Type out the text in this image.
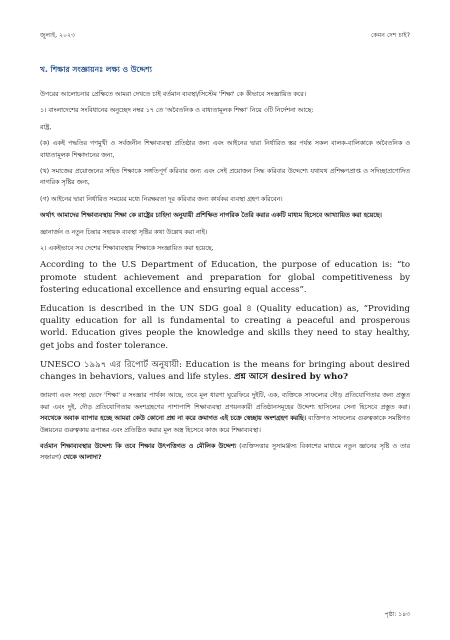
জুলাই, ২০২৩	কেমন দেশ চাই?
খ. শিক্ষার সংজ্ঞায়নঃ লক্ষ্য ও উদ্দেশ্য

উপরের আলোচনার প্রেক্ষিতে আমরা দেখতে চাই বর্তমান ব্যবস্থা/সিস্টেম 'শিক্ষা' কে কীভাবে সংজ্ঞায়িত করে।

১। বাংলাদেশের সংবিধানের অনুচ্ছেদ নম্বর ১৭ তে 'অবৈতনিক ও বাধ্যতামূলক শিক্ষা' নিয়ে ৩টি নির্দেশনা আছে:

রাষ্ট্র,

(ক) একই পদ্ধতির গণমুখী ও সর্বজনীন শিক্ষাব্যবস্থা প্রতিষ্ঠার জন্য এবং আইনের দ্বারা নির্ধারিত স্তর পর্যন্ত সকল বালক-বালিকাকে অবৈতনিক ও বাধ্যতামূলক শিক্ষাদানের জন্য,

(খ) সমাজের প্রয়োজনের সহিত শিক্ষাকে সঙ্গতিপূর্ণ করিবার জন্য এবং সেই প্রয়োজন সিদ্ধ করিবার উদ্দেশ্যে যথাযথ প্রশিক্ষণপ্রাপ্ত ও সদিচ্ছাপ্রণোদিত নাগরিক সৃষ্টির জন্য,

(গ) আইনের দ্বারা নির্ধারিত সময়ের মধ্যে নিরক্ষরতা দূর করিবার জন্য কার্যকর ব্যবস্থা গ্রহণ করিবেন।

অর্থাৎ আমাদের শিক্ষাব্যবস্থায় শিক্ষা কে রাষ্ট্রের চাহিদা অনুযায়ী প্রশিক্ষিত নাগরিক তৈরি করার একটি মাধ্যম হিসেবে আখ্যায়িত করা হয়েছে।

জ্ঞানার্জন ও নতুন চিন্তার সহায়ক ব্যবস্থা সৃষ্টির কথা উল্লেখ করা নাই।

২। একইভাবে সব দেশের শিক্ষাব্যবস্থায় শিক্ষাকে সংজ্ঞায়িত করা হয়েছে,

According to the U.S Department of Education, the purpose of education is: “to promote student achievement and preparation for global competitiveness by fostering educational excellence and ensuring equal access”.

Education is described in the UN SDG goal ৪ (Quality education) as, “Providing quality education for all is fundamental to creating a peaceful and prosperous world. Education gives people the knowledge and skills they need to stay healthy, get jobs and foster tolerance.

UNESCO ১৯৯৭ এর রিপোর্ট অনুযায়ী: Education is the means for bringing about desired changes in behaviors, values and life styles. প্রশ্ন আসে desired by who?

জায়গা এবং সংস্থা ভেদে 'শিক্ষা' র সংজ্ঞার পার্থক্য আছে, তবে মূল ধারণা ঘুরেফিরে দুইটি, এক, ব্যক্তিকে সাফল্যের দৌড় প্রতিযোগিতার জন্য প্রস্তুত করা এবং দুই, দৌড় প্রতিযোগিতায় অংশগ্রহণের পাশাপাশি শিক্ষাব্যবস্থা প্রণয়নকারী প্রতিষ্ঠানসমূহের উদ্দেশ্য হাসিলের সেনা হিসেবে প্রস্তুত করা। সবথেকে অবাক ব্যাপার হচ্ছে আমরা কেউ কোনো প্রশ্ন না করে ক্রমাগত এই চক্রে স্বেচ্ছায় অংশগ্রহণ করছি। ব্যক্তিগত সাফল্যের গুরুত্বকাকে সমষ্টিগত উন্নয়নের গুরুত্বকায় রূপান্তর এবং প্রতিষ্ঠিত করার মূল অস্ত্র হিসেবে কাজ করে শিক্ষাব্যবস্থা।

বর্তমান শিক্ষাব্যবস্থার উদ্দেশ্য কি তবে শিক্ষার উৎপত্তিগত ও মৌলিক উদ্দেশ্য (ব্যক্তিসত্তার সুসামঞ্জস্য বিকাশের মাধ্যমে নতুন জ্ঞানের সৃষ্টি ও তার সঞ্চারণ) থেকে আলাদা?

পৃষ্ঠা: ১৪৩
